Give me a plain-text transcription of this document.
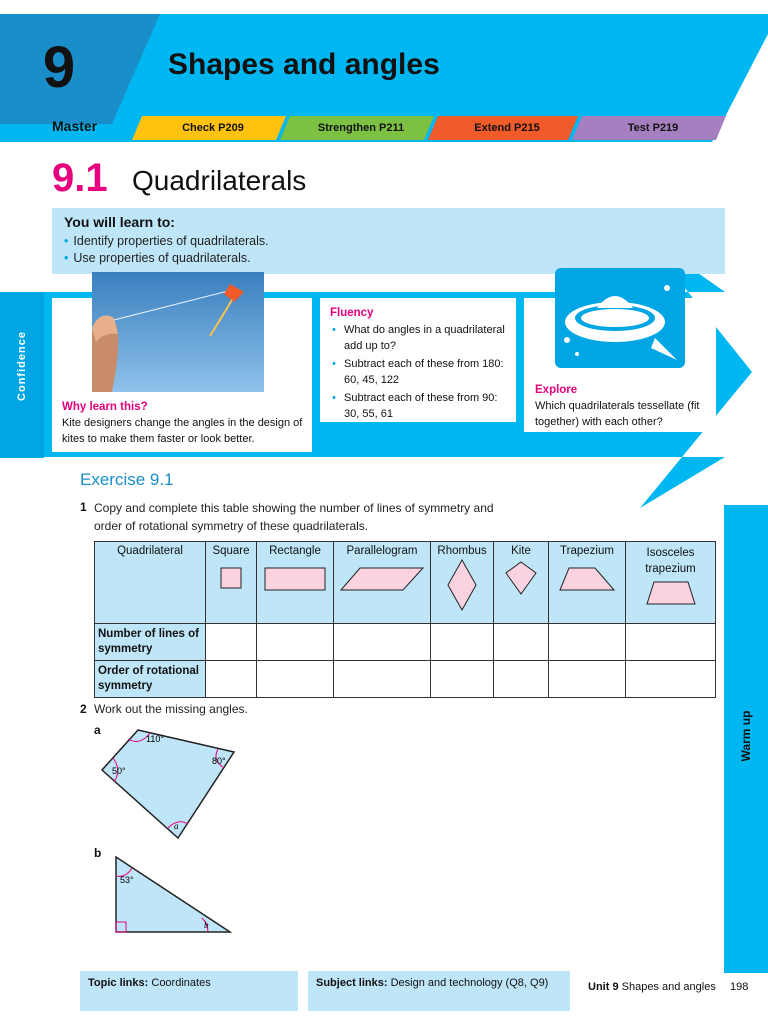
9	Shapes and angles
Master	Check P209	Strengthen P211	Extend P215	Test P219
9.1 Quadrilaterals
You will learn to:
• Identify properties of quadrilaterals.
• Use properties of quadrilaterals.
Confidence
Why learn this?
Kite designers change the angles in the design of kites to make them faster or look better.
Fluency
• What do angles in a quadrilateral add up to?
• Subtract each of these from 180: 60, 45, 122
• Subtract each of these from 90: 30, 55, 61
Explore
Which quadrilaterals tessellate (fit together) with each other?
Warm up
Exercise 9.1
1 Copy and complete this table showing the number of lines of symmetry and order of rotational symmetry of these quadrilaterals.
Quadrilateral	Square	Rectangle	Parallelogram	Rhombus	Kite	Trapezium	Isosceles trapezium

Number of lines of symmetry							
Order of rotational symmetry							
2 Work out the missing angles.
a
110°
50°
80°
a
b
53°
b
Topic links: Coordinates	Subject links: Design and technology (Q8, Q9)	Unit 9 Shapes and angles 198
